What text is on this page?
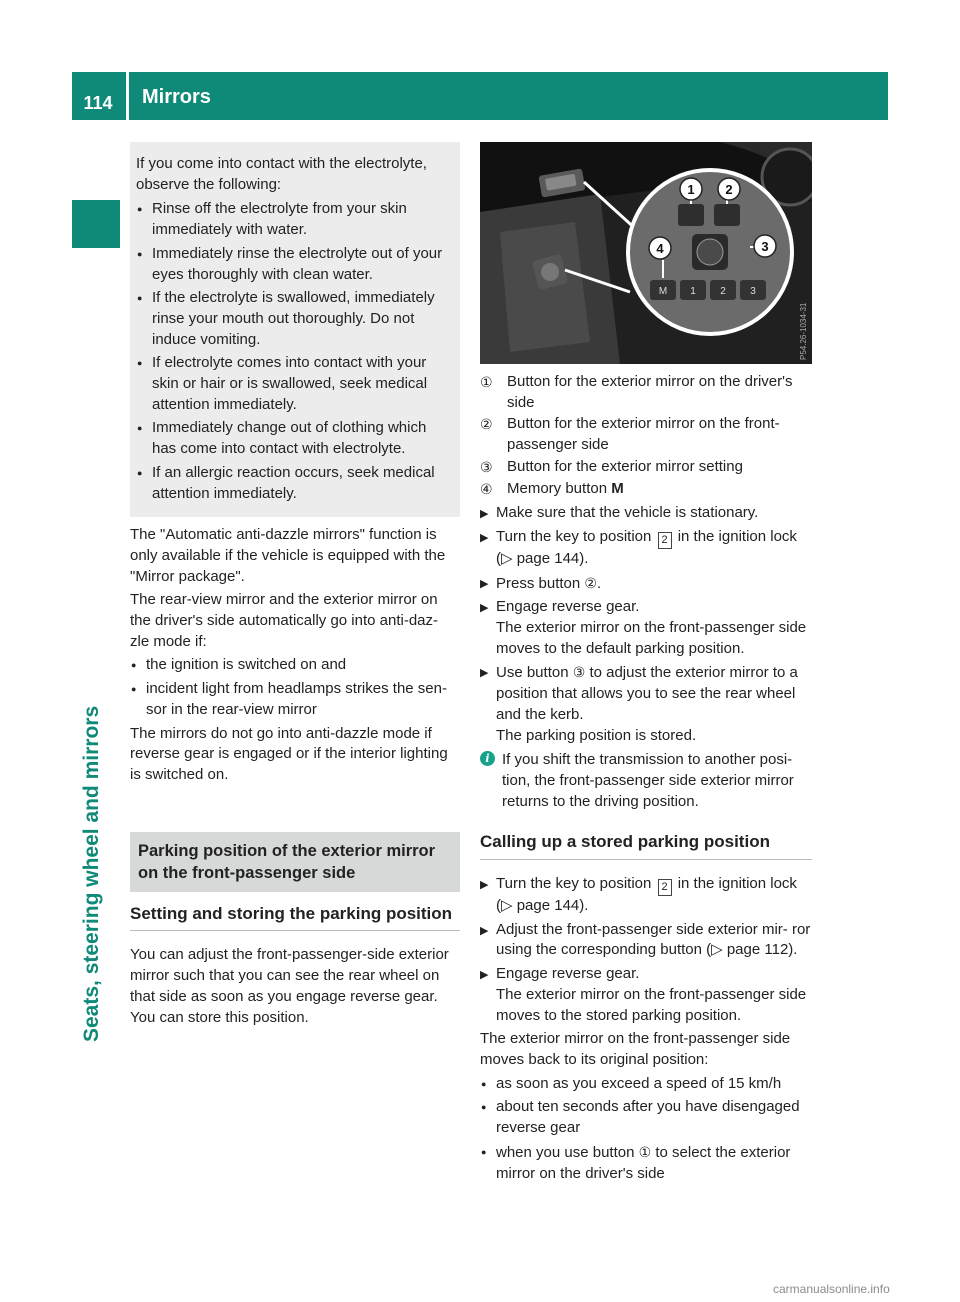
114	Mirrors
Seats, steering wheel and mirrors

If you come into contact with the electrolyte, observe the following:

● Rinse off the electrolyte from your skin immediately with water.
● Immediately rinse the electrolyte out of your eyes thoroughly with clean water.
● If the electrolyte is swallowed, immediately rinse your mouth out thoroughly. Do not induce vomiting.
● If electrolyte comes into contact with your skin or hair or is swallowed, seek medical attention immediately.
● Immediately change out of clothing which has come into contact with electrolyte.
● If an allergic reaction occurs, seek medical attention immediately.

The "Automatic anti-dazzle mirrors" function is only available if the vehicle is equipped with the "Mirror package".

The rear-view mirror and the exterior mirror on the driver's side automatically go into anti-daz- zle mode if:

● the ignition is switched on and
● incident light from headlamps strikes the sen- sor in the rear-view mirror

The mirrors do not go into anti-dazzle mode if reverse gear is engaged or if the interior lighting is switched on.

Parking position of the exterior mirror on the front-passenger side
Setting and storing the parking position

You can adjust the front-passenger-side exterior mirror such that you can see the rear wheel on that side as soon as you engage reverse gear. You can store this position.

M 1 2 3
1 2
3
4
P54.26-1034-31
① Button for the exterior mirror on the driver's side
② Button for the exterior mirror on the front- passenger side
③ Button for the exterior mirror setting
④ Memory button M
▶ Make sure that the vehicle is stationary.
▶ Turn the key to position 2 in the ignition lock (▷ page 144).
▶ Press button ②.
▶ Engage reverse gear.
The exterior mirror on the front-passenger side moves to the default parking position.
▶ Use button ③ to adjust the exterior mirror to a position that allows you to see the rear wheel and the kerb.
The parking position is stored.
i If you shift the transmission to another posi- tion, the front-passenger side exterior mirror returns to the driving position.
Calling up a stored parking position
▶ Turn the key to position 2 in the ignition lock (▷ page 144).
▶ Adjust the front-passenger side exterior mir- ror using the corresponding button (▷ page 112).
▶ Engage reverse gear.
The exterior mirror on the front-passenger side moves to the stored parking position.

The exterior mirror on the front-passenger side moves back to its original position:

● as soon as you exceed a speed of 15 km/h
● about ten seconds after you have disengaged reverse gear
● when you use button ① to select the exterior mirror on the driver's side
carmanualsonline.info
